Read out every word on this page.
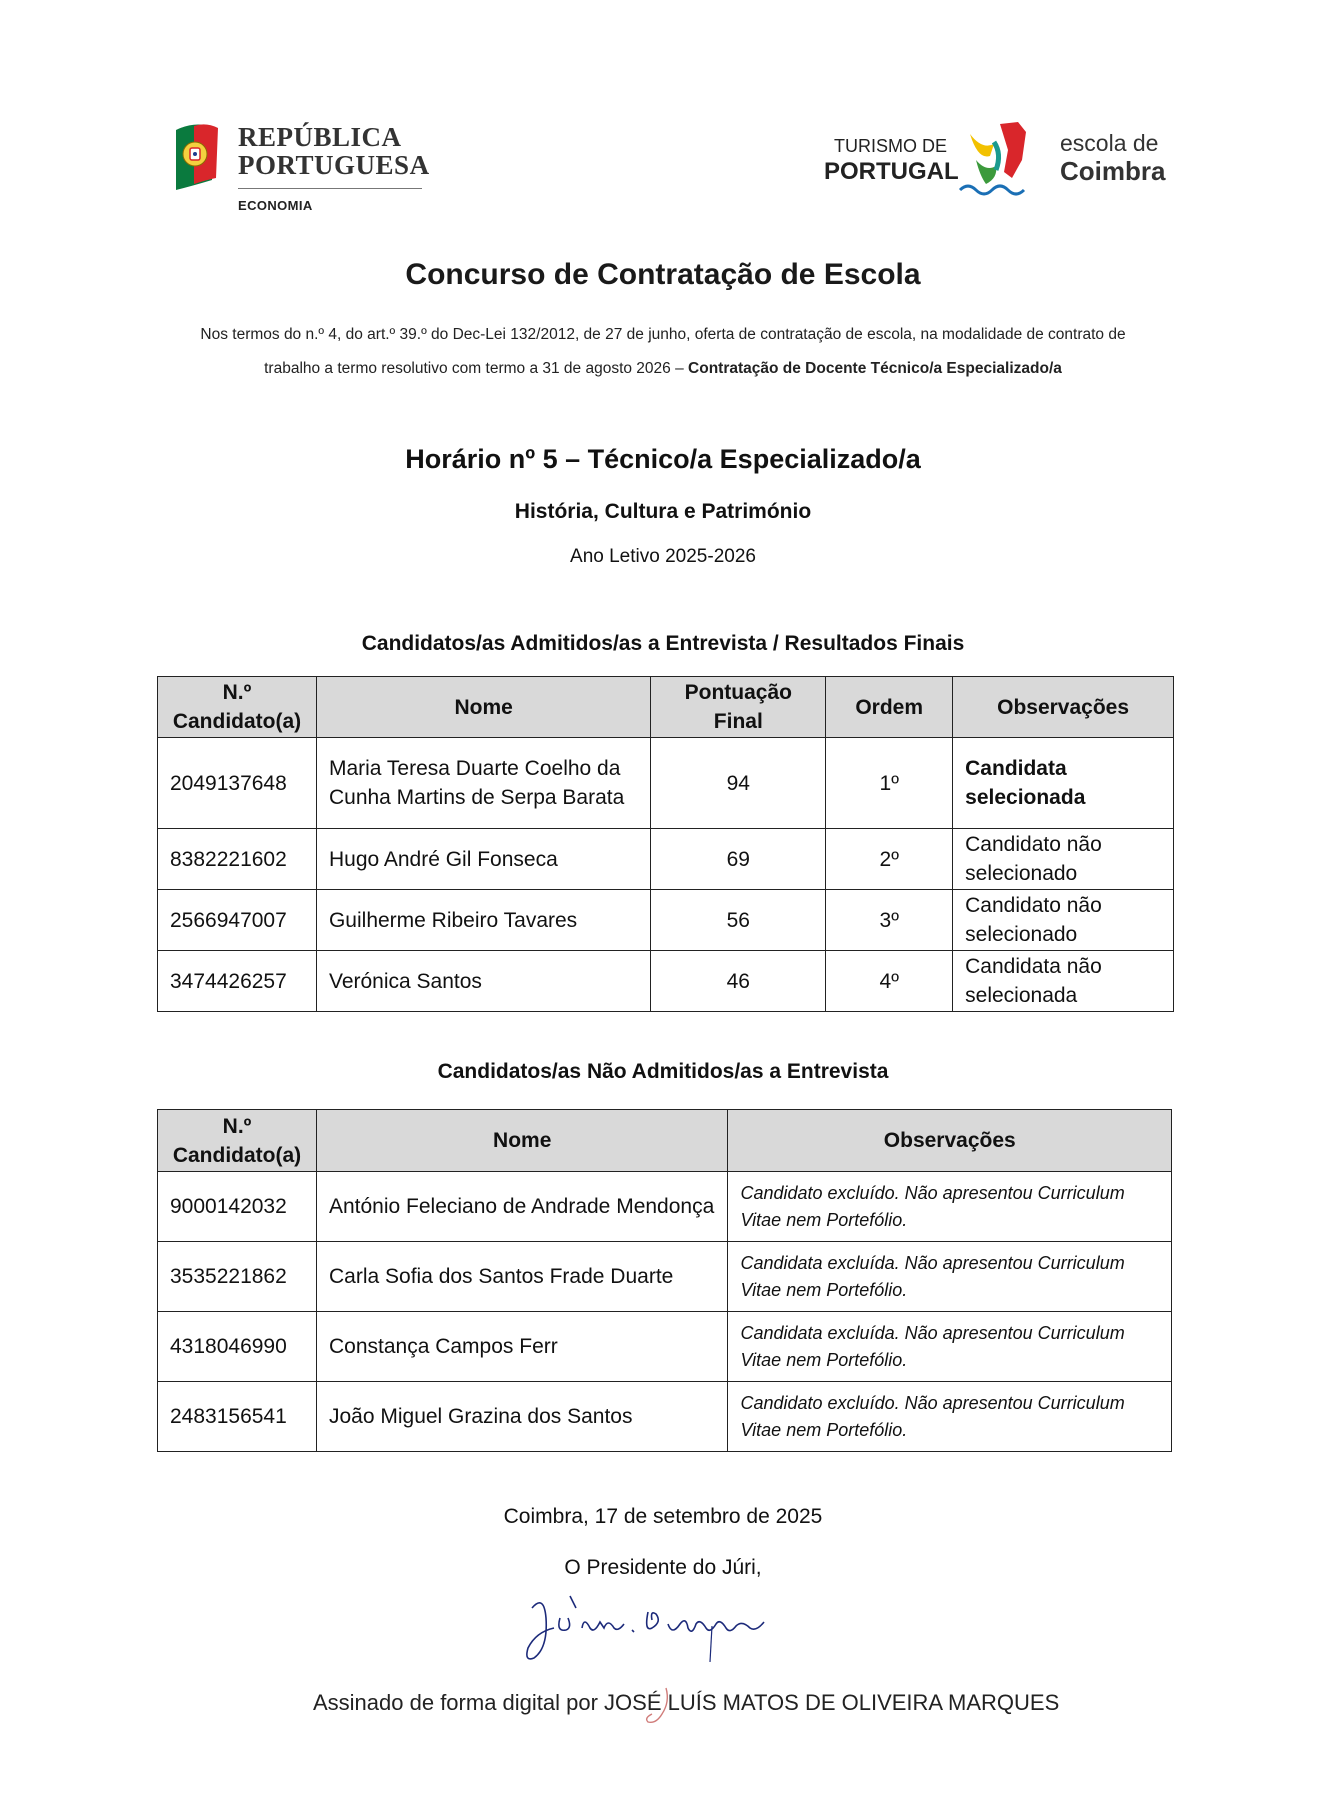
REPÚBLICA
PORTUGUESA
ECONOMIA
TURISMO DE
PORTUGAL
escola de
Coimbra
Concurso de Contratação de Escola
Nos termos do n.º 4, do art.º 39.º do Dec-Lei 132/2012, de 27 de junho, oferta de contratação de escola, na modalidade de contrato de
trabalho a termo resolutivo com termo a 31 de agosto 2026 – Contratação de Docente Técnico/a Especializado/a
Horário nº 5 – Técnico/a Especializado/a
História, Cultura e Património
Ano Letivo 2025-2026
Candidatos/as Admitidos/as a Entrevista / Resultados Finais
N.º Candidato(a)	Nome	Pontuação Final	Ordem	Observações
2049137648	Maria Teresa Duarte Coelho da Cunha Martins de Serpa Barata	94	1º	Candidata selecionada
8382221602	Hugo André Gil Fonseca	69	2º	Candidato não selecionado
2566947007	Guilherme Ribeiro Tavares	56	3º	Candidato não selecionado
3474426257	Verónica Santos	46	4º	Candidata não selecionada
Candidatos/as Não Admitidos/as a Entrevista
N.º Candidato(a)	Nome	Observações
9000142032	António Feleciano de Andrade Mendonça	Candidato excluído. Não apresentou Curriculum Vitae nem Portefólio.
3535221862	Carla Sofia dos Santos Frade Duarte	Candidata excluída. Não apresentou Curriculum Vitae nem Portefólio.
4318046990	Constança Campos Ferr	Candidata excluída. Não apresentou Curriculum Vitae nem Portefólio.
2483156541	João Miguel Grazina dos Santos	Candidato excluído. Não apresentou Curriculum Vitae nem Portefólio.
Coimbra, 17 de setembro de 2025
O Presidente do Júri,
Assinado de forma digital por JOSÉ LUÍS MATOS DE OLIVEIRA MARQUES
